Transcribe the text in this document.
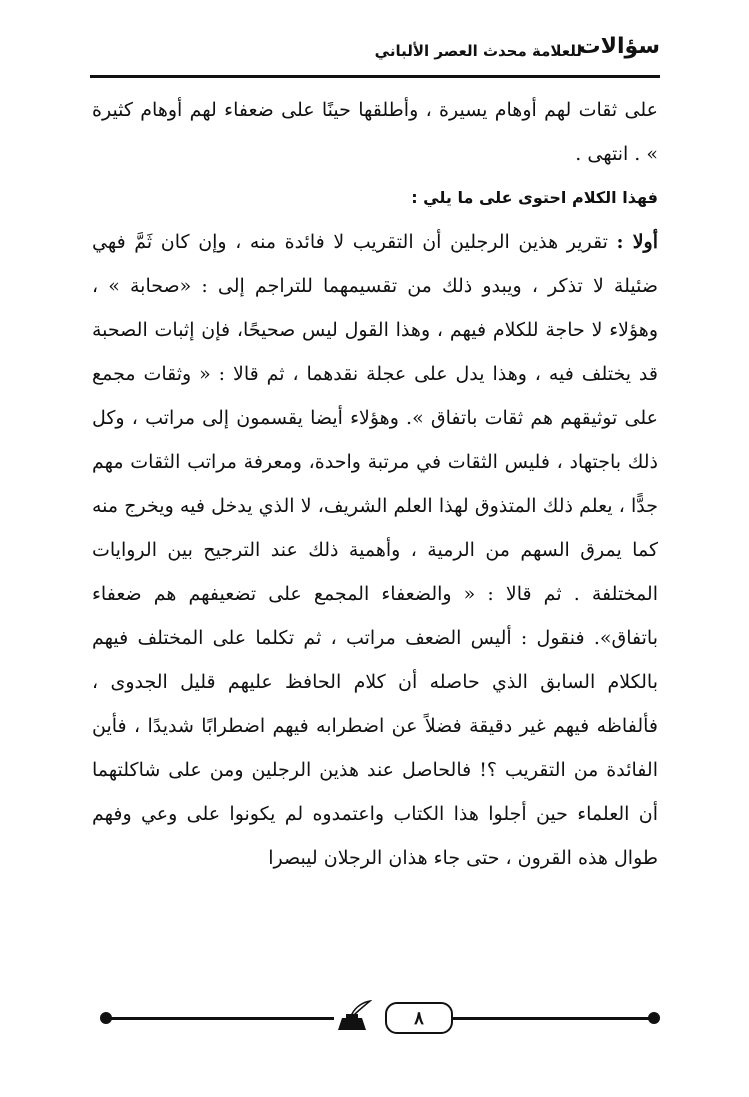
سؤالات
للعلامة محدث العصر الألباني

على ثقات لهم أوهام يسيرة ، وأطلقها حينًا على ضعفاء لهم أوهام كثيرة » . انتهى .

فهذا الكلام احتوى على ما يلي :

أولا : تقرير هذين الرجلين أن التقريب لا فائدة منه ، وإن كان ثَمَّ فهي ضئيلة لا تذكر ، ويبدو ذلك من تقسيمهما للتراجم إلى : «صحابة » ، وهؤلاء لا حاجة للكلام فيهم ، وهذا القول ليس صحيحًا، فإن إثبات الصحبة قد يختلف فيه ، وهذا يدل على عجلة نقدهما ، ثم قالا : « وثقات مجمع على توثيقهم هم ثقات باتفاق ». وهؤلاء أيضا يقسمون إلى مراتب ، وكل ذلك باجتهاد ، فليس الثقات في مرتبة واحدة، ومعرفة مراتب الثقات مهم جدًّا ، يعلم ذلك المتذوق لهذا العلم الشريف، لا الذي يدخل فيه ويخرج منه كما يمرق السهم من الرمية ، وأهمية ذلك عند الترجيح بين الروايات المختلفة . ثم قالا : « والضعفاء المجمع على تضعيفهم هم ضعفاء باتفاق». فنقول : أليس الضعف مراتب ، ثم تكلما على المختلف فيهم بالكلام السابق الذي حاصله أن كلام الحافظ عليهم قليل الجدوى ، فألفاظه فيهم غير دقيقة فضلاً عن اضطرابه فيهم اضطرابًا شديدًا ، فأين الفائدة من التقريب ؟! فالحاصل عند هذين الرجلين ومن على شاكلتهما أن العلماء حين أجلوا هذا الكتاب واعتمدوه لم يكونوا على وعي وفهم طوال هذه القرون ، حتى جاء هذان الرجلان ليبصرا

٨
